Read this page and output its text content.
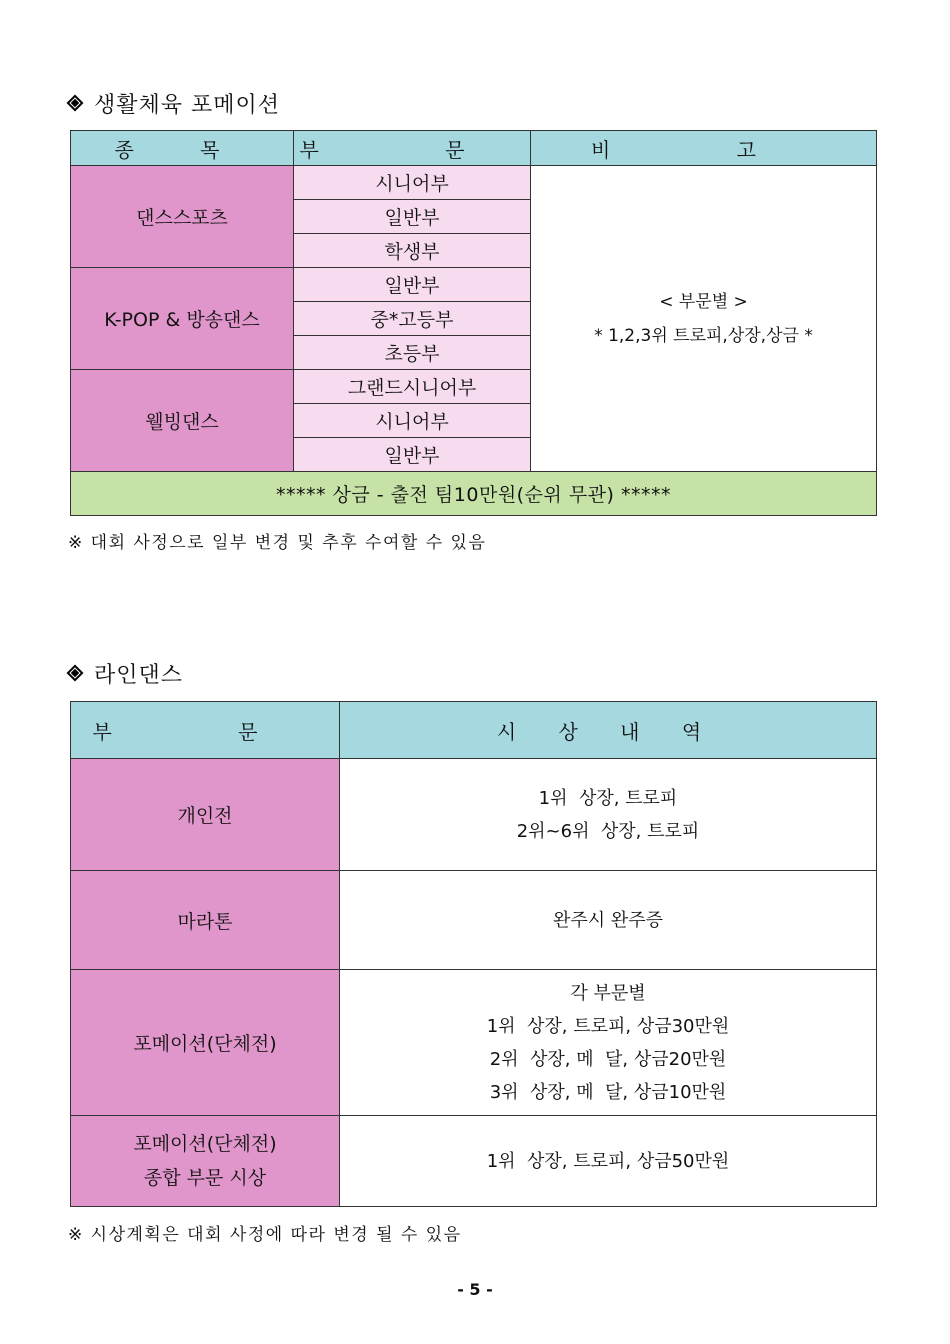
생활체육 포메이션
종 목	부 문	비 고
댄스스포츠	시니어부	< 부문별 >
* 1,2,3위 트로피,상장,상금 *

	일반부	
	학생부	
K-POP & 방송댄스	일반부	
	중*고등부	
	초등부	
웰빙댄스	그랜드시니어부	
	시니어부	
	일반부	
***** 상금 - 출전 팀10만원(순위 무관) *****		
※ 대회 사정으로 일부 변경 및 추후 수여할 수 있음
라인댄스
부 문	시 상 내 역
개인전	1위  상장, 트로피
2위~6위  상장, 트로피

마라톤	완주시 완주증

포메이션(단체전)	각 부문별
1위  상장, 트로피, 상금30만원
2위  상장, 메  달, 상금20만원
3위  상장, 메  달, 상금10만원

포메이션(단체전)
종합 부문 시상	1위  상장, 트로피, 상금50만원
※ 시상계획은 대회 사정에 따라 변경 될 수 있음
- 5 -
